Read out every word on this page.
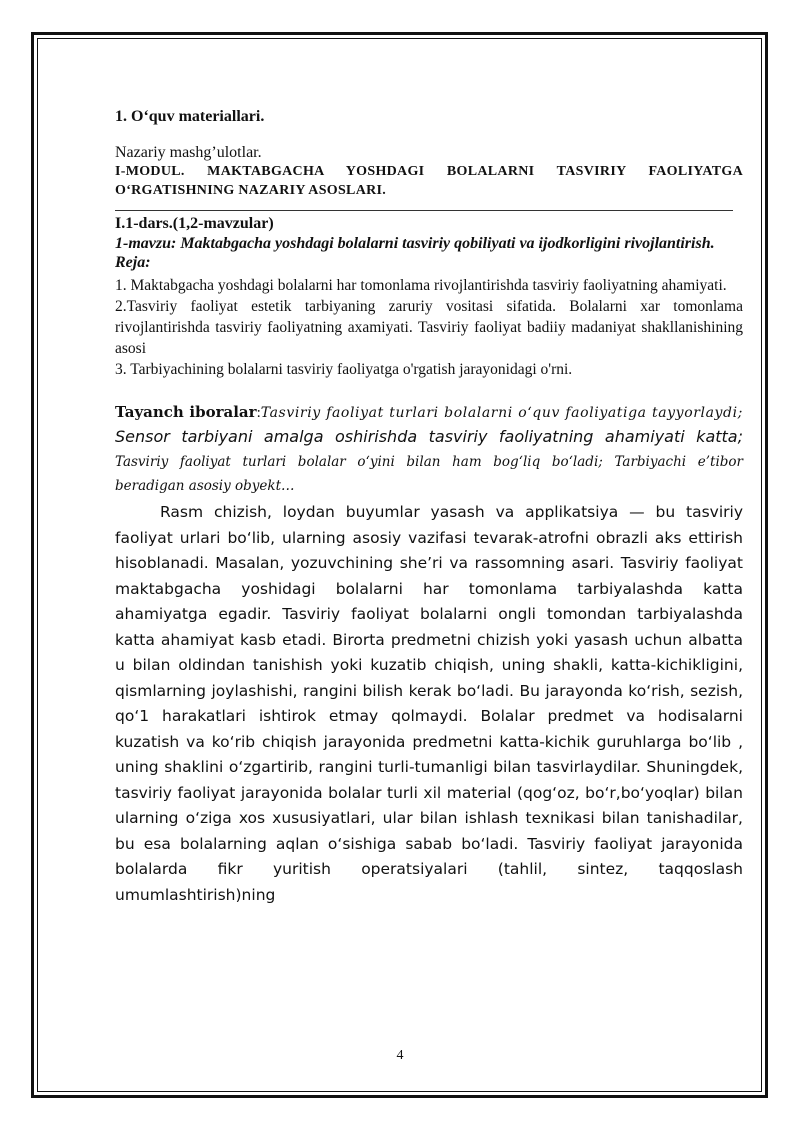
1. O‘quv materiallari.
Nazariy mashg’ulotlar.
I-MODUL. MAKTABGACHA YOSHDAGI BOLALARNI TASVIRIY FAOLIYATGA O‘RGATISHNING NAZARIY ASOSLARI.
I.1-dars.(1,2-mavzular)
1-mavzu: Maktabgacha yoshdagi bolalarni tasviriy qobiliyati va ijodkorligini rivojlantirish.
Reja:

1. Maktabgacha yoshdagi bolalarni har tomonlama rivojlantirishda tasviriy faoliyatning ahamiyati.

2.Tasviriy faoliyat estetik tarbiyaning zaruriy vositasi sifatida. Bolalarni xar tomonlama rivojlantirishda tasviriy faoliyatning axamiyati. Tasviriy faoliyat badiiy madaniyat shakllanishining asosi

3. Tarbiyachining bolalarni tasviriy faoliyatga o'rgatish jarayonidagi o'rni.

Tayanch iboralar:Tasviriy faoliyat turlari bolalarni o‘quv faoliyatiga tayyorlaydi; Sensor tarbiyani amalga oshirishda tasviriy faoliyatning ahamiyati katta; Tasviriy faoliyat turlari bolalar o‘yini bilan ham bog‘liq bo‘ladi; Tarbiyachi e’tibor beradigan asosiy obyekt…

Rasm chizish, loydan buyumlar yasash va applikatsiya — bu tasviriy faoliyat urlari bo‘lib, ularning asosiy vazifasi tevarak-atrofni obrazli aks ettirish hisoblanadi. Masalan, yozuvchining she’ri va rassomning asari. Tasviriy faoliyat maktabgacha yoshidagi bolalarni har tomonlama tarbiyalashda katta ahamiyatga egadir. Tasviriy faoliyat bolalarni ongli tomondan tarbiyalashda katta ahamiyat kasb etadi. Birorta predmetni chizish yoki yasash uchun albatta u bilan oldindan tanishish yoki kuzatib chiqish, uning shakli, katta-kichikligini, qismlarning joylashishi, rangini bilish kerak bo‘ladi. Bu jarayonda ko‘rish, sezish, qo‘1 harakatlari ishtirok etmay qolmaydi. Bolalar predmet va hodisalarni kuzatish va ko‘rib chiqish jarayonida predmetni katta-kichik guruhlarga bo‘lib , uning shaklini o‘zgartirib, rangini turli-tumanligi bilan tasvirlaydilar. Shuningdek, tasviriy faoliyat jarayonida bolalar turli xil material (qog‘oz, bo‘r,bo‘yoqlar) bilan ularning o‘ziga xos xususiyatlari, ular bilan ishlash texnikasi bilan tanishadilar, bu esa bolalarning aqlan o‘sishiga sabab bo‘ladi. Tasviriy faoliyat jarayonida bolalarda fikr yuritish operatsiyalari (tahlil, sintez, taqqoslash umumlashtirish)ning

4
